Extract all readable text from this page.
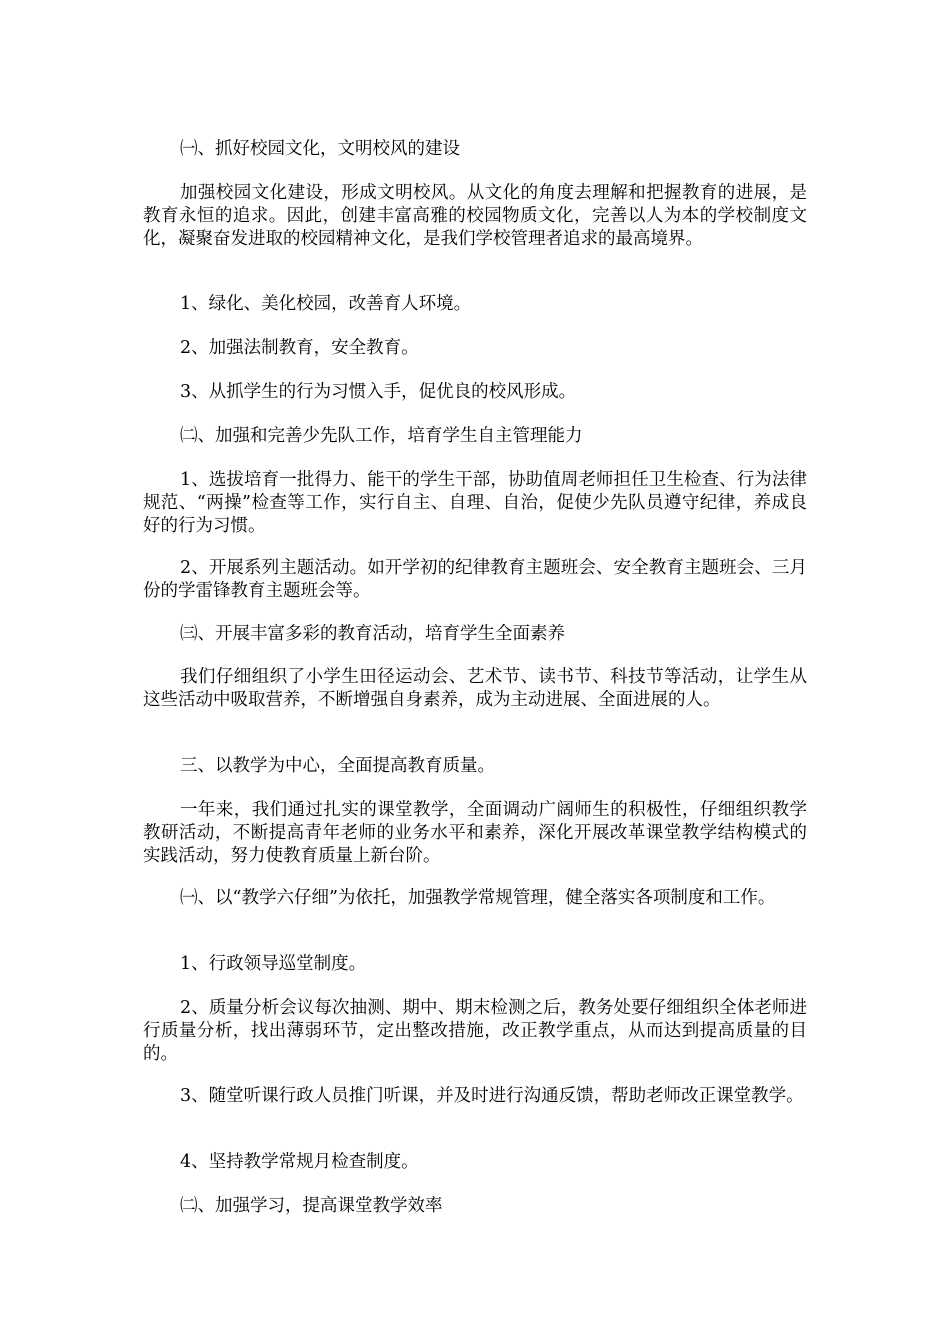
㈠、抓好校园文化，文明校风的建设

加强校园文化建设，形成文明校风。从文化的角度去理解和把握教育的进展，是教育永恒的追求。因此，创建丰富高雅的校园物质文化，完善以人为本的学校制度文化，凝聚奋发进取的校园精神文化，是我们学校管理者追求的最高境界。

1、绿化、美化校园，改善育人环境。

2、加强法制教育，安全教育。

3、从抓学生的行为习惯入手，促优良的校风形成。

㈡、加强和完善少先队工作，培育学生自主管理能力

1、选拔培育一批得力、能干的学生干部，协助值周老师担任卫生检查、行为法律规范、“两操”检查等工作，实行自主、自理、自治，促使少先队员遵守纪律，养成良好的行为习惯。

2、开展系列主题活动。如开学初的纪律教育主题班会、安全教育主题班会、三月份的学雷锋教育主题班会等。

㈢、开展丰富多彩的教育活动，培育学生全面素养

我们仔细组织了小学生田径运动会、艺术节、读书节、科技节等活动，让学生从这些活动中吸取营养，不断增强自身素养，成为主动进展、全面进展的人。

三、以教学为中心，全面提高教育质量。

一年来，我们通过扎实的课堂教学，全面调动广阔师生的积极性，仔细组织教学教研活动，不断提高青年老师的业务水平和素养，深化开展改革课堂教学结构模式的实践活动，努力使教育质量上新台阶。

㈠、以“教学六仔细”为依托，加强教学常规管理，健全落实各项制度和工作。

1、行政领导巡堂制度。

2、质量分析会议每次抽测、期中、期末检测之后，教务处要仔细组织全体老师进行质量分析，找出薄弱环节，定出整改措施，改正教学重点，从而达到提高质量的目的。

3、随堂听课行政人员推门听课，并及时进行沟通反馈，帮助老师改正课堂教学。

4、坚持教学常规月检查制度。

㈡、加强学习，提高课堂教学效率
